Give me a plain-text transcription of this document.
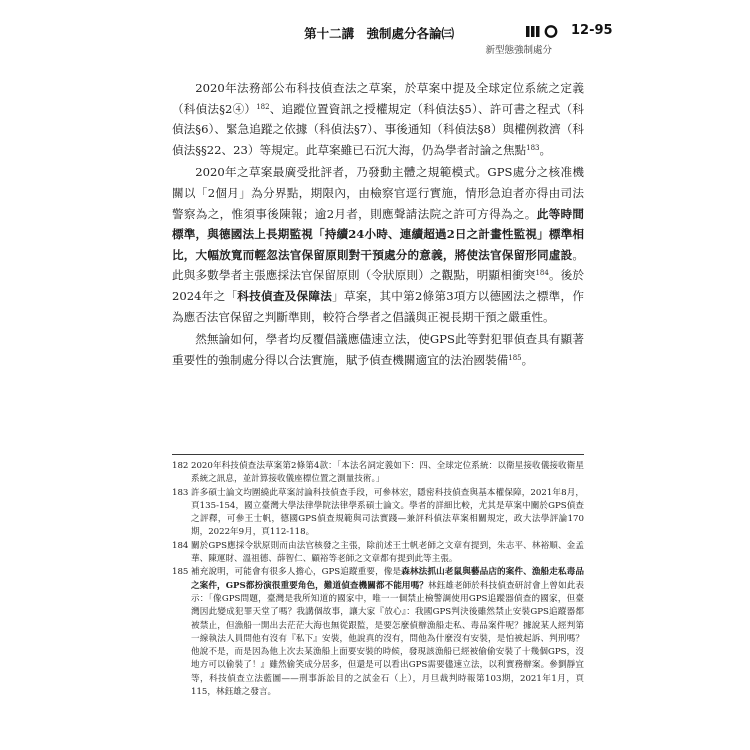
第十二講 強制處分各論㈢	12-95
新型態強制處分

2020年法務部公布科技偵查法之草案，於草案中提及全球定位系統之定義（科偵法§2④）$^{182}$、追蹤位置資訊之授權規定（科偵法§5）、許可書之程式（科偵法§6）、緊急追蹤之依據（科偵法§7）、事後通知（科偵法§8）與權例救濟（科偵法§§22、23）等規定。此草案雖已石沉大海，仍為學者討論之焦點$^{183}$。

2020年之草案最廣受批評者，乃發動主體之規範模式。GPS處分之核准機關以「2個月」為分界點，期限內，由檢察官逕行實施，情形急迫者亦得由司法警察為之，惟須事後陳報；逾2月者，則應聲請法院之許可方得為之。此等時間標準，與德國法上長期監視「持續24小時、連續超過2日之計畫性監視」標準相比，大幅放寬而輕忽法官保留原則對干預處分的意義，將使法官保留形同虛設。此與多數學者主張應採法官保留原則（令狀原則）之觀點，明顯相衝突$^{184}$。後於2024年之「科技偵查及保障法」草案，其中第2條第3項方以德國法之標準，作為應否法官保留之判斷準則，較符合學者之倡議與正視長期干預之嚴重性。

然無論如何，學者均反覆倡議應儘速立法，使GPS此等對犯罪偵查具有顯著重要性的強制處分得以合法實施，賦予偵查機關適宜的法治國裝備$^{185}$。

182 2020年科技偵查法草案第2條第4款：「本法名詞定義如下：四、全球定位系統：以衛星接收儀接收衛星系統之訊息，並計算接收儀座標位置之測量技術。」
183 許多碩士論文均圍繞此草案討論科技偵查手段，可參林宏，隱密科技偵查與基本權保障，2021年8月，頁135-154，國立臺灣大學法律學院法律學系碩士論文。學者的詳細比較，尤其是草案中關於GPS偵查之評釋，可參王士帆，德國GPS偵查規範與司法實踐—兼評科偵法草案相關規定，政大法學評論170期，2022年9月，頁112-118。
184 關於GPS應採令狀原則而由法官核發之主張，除前述王士帆老師之文章有提到，朱志平、林裕順、金孟華、陳運財、溫祖德、薛智仁、顧裕等老師之文章都有提到此等主張。
185 補充說明，可能會有很多人擔心，GPS追蹤重要，像是森林法抓山老鼠與藝品店的案件、漁船走私毒品之案件，GPS都扮演很重要角色，難道偵查機關都不能用嗎？林鈺雄老師於科技偵查研討會上曾如此表示：「像GPS問題，臺灣是我所知道的國家中，唯一一個禁止檢警調使用GPS追蹤器偵查的國家，但臺灣因此變成犯罪天堂了嗎？我講個故事，讓大家『放心』：我國GPS判決後雖然禁止安裝GPS追蹤器都被禁止，但漁船一開出去茫茫大海也無從跟監，是要怎麼偵辦漁船走私、毒品案件呢？據說某人經判第一線執法人員問他有沒有『私下』安裝，他說真的沒有，問他為什麼沒有安裝，是怕被起訴、判刑嗎？他說不是，而是因為他上次去某漁船上面要安裝的時候，發現該漁船已經被偷偷安裝了十幾個GPS，沒地方可以偷裝了！』雖然偷笑成分居多，但還是可以看出GPS需要儘速立法，以利實務辦案。參劉靜宜等，科技偵查立法藍圖——刑事訴訟目的之試金石（上），月旦裁判時報第103期，2021年1月，頁115，林鈺雄之發言。
